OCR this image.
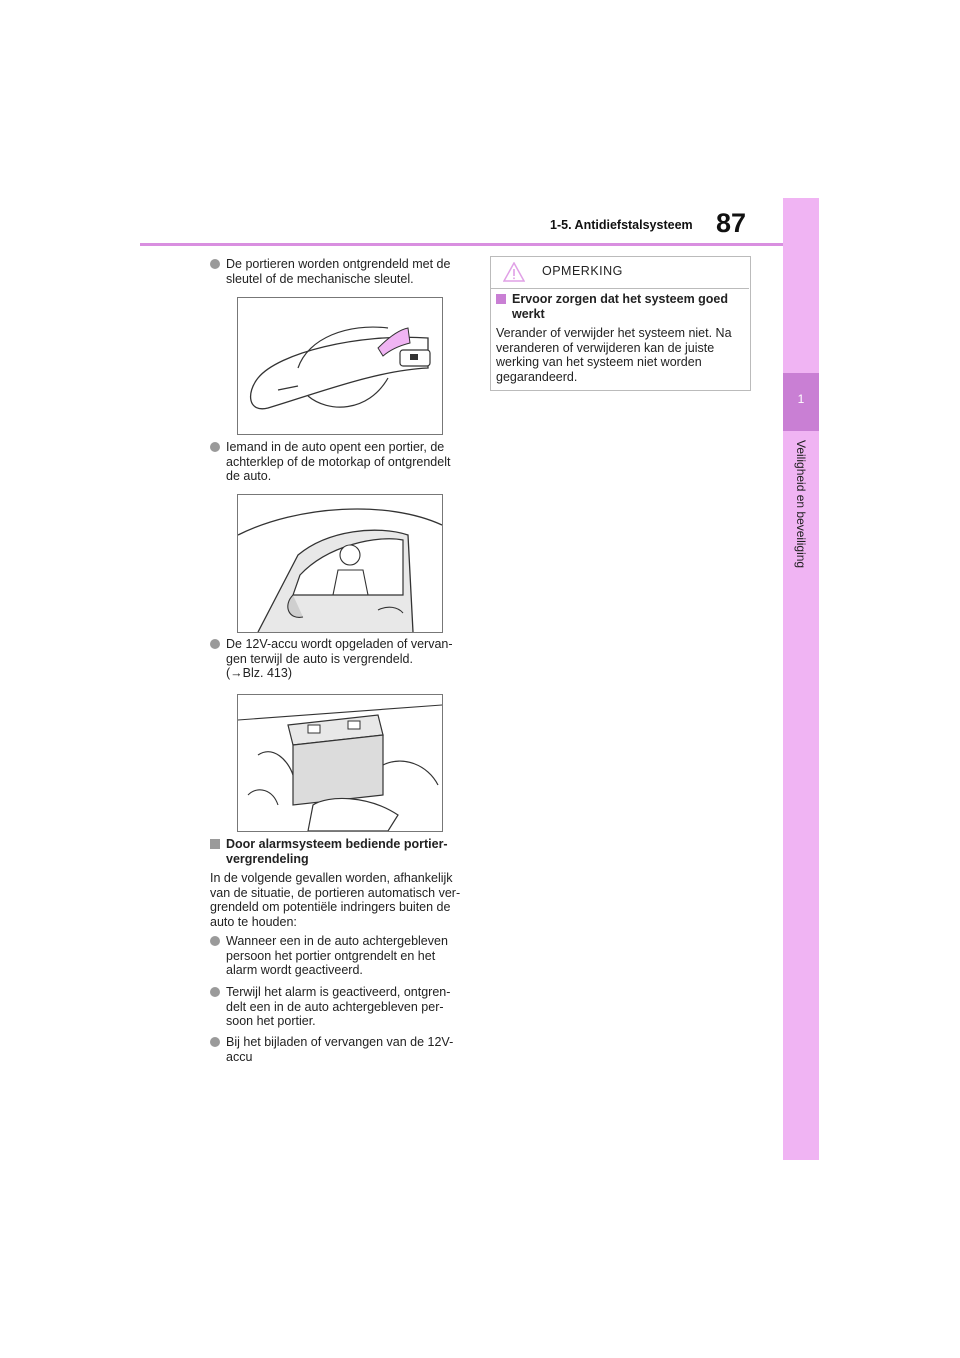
1-5. Antidiefstalsysteem 87
1
Veiligheid en beveiliging
De portieren worden ontgrendeld met de
sleutel of de mechanische sleutel.
Iemand in de auto opent een portier, de
achterklep of de motorkap of ontgrendelt
de auto.
De 12V-accu wordt opgeladen of vervan-
gen terwijl de auto is vergrendeld.
(→Blz. 413)
Door alarmsysteem bediende portier-
vergrendeling
In de volgende gevallen worden, afhankelijk
van de situatie, de portieren automatisch ver-
grendeld om potentiële indringers buiten de
auto te houden:
Wanneer een in de auto achtergebleven
persoon het portier ontgrendelt en het
alarm wordt geactiveerd.
Terwijl het alarm is geactiveerd, ontgren-
delt een in de auto achtergebleven per-
soon het portier.
Bij het bijladen of vervangen van de 12V-
accu
OPMERKING
Ervoor zorgen dat het systeem goed
werkt
Verander of verwijder het systeem niet. Na
veranderen of verwijderen kan de juiste
werking van het systeem niet worden
gegarandeerd.
